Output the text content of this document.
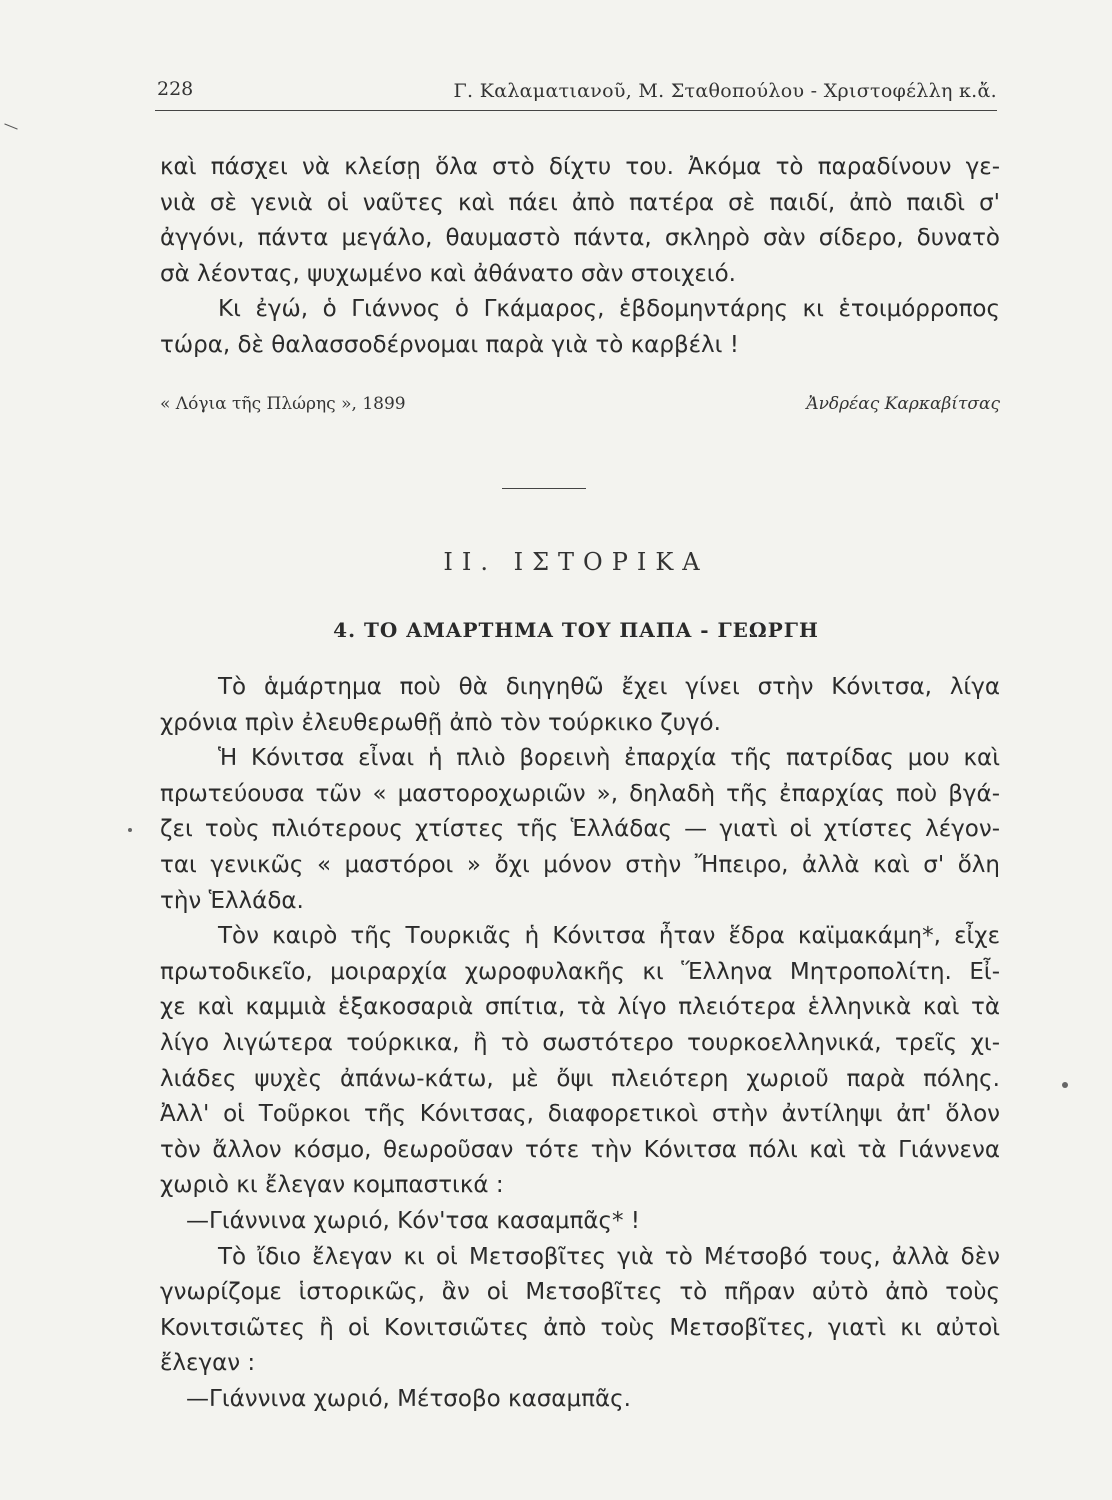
228	Γ. Καλαματιανοῦ, Μ. Σταθοπούλου - Χριστοφέλλη κ.ἄ.

καὶ πάσχει νὰ κλείσῃ ὅλα στὸ δίχτυ του. Ἀκόμα τὸ παραδίνουν γε-

νιὰ σὲ γενιὰ οἱ ναῦτες καὶ πάει ἀπὸ πατέρα σὲ παιδί, ἀπὸ παιδὶ σ'

ἀγγόνι, πάντα μεγάλο, θαυμαστὸ πάντα, σκληρὸ σὰν σίδερο, δυνατὸ

σὰ λέοντας, ψυχωμένο καὶ ἀθάνατο σὰν στοιχειό.

Κι ἐγώ, ὁ Γιάννος ὁ Γκάμαρος, ἑβδομηντάρης κι ἑτοιμόρροπος

τώρα, δὲ θαλασσοδέρνομαι παρὰ γιὰ τὸ καρβέλι !

« Λόγια τῆς Πλώρης », 1899	Ἀνδρέας Καρκαβίτσας
II. ΙΣΤΟΡΙΚΑ
4. ΤΟ ΑΜΑΡΤΗΜΑ ΤΟΥ ΠΑΠΑ - ΓΕΩΡΓΗ

Τὸ ἁμάρτημα ποὺ θὰ διηγηθῶ ἔχει γίνει στὴν Κόνιτσα, λίγα

χρόνια πρὶν ἐλευθερωθῇ ἀπὸ τὸν τούρκικο ζυγό.

Ἡ Κόνιτσα εἶναι ἡ πλιὸ βορεινὴ ἐπαρχία τῆς πατρίδας μου καὶ

πρωτεύουσα τῶν « μαστοροχωριῶν », δηλαδὴ τῆς ἐπαρχίας ποὺ βγά-

ζει τοὺς πλιότερους χτίστες τῆς Ἑλλάδας — γιατὶ οἱ χτίστες λέγον-

ται γενικῶς « μαστόροι » ὄχι μόνον στὴν Ἤπειρο, ἀλλὰ καὶ σ' ὅλη

τὴν Ἑλλάδα.

Τὸν καιρὸ τῆς Τουρκιᾶς ἡ Κόνιτσα ἦταν ἕδρα καϊμακάμη*, εἶχε

πρωτοδικεῖο, μοιραρχία χωροφυλακῆς κι Ἕλληνα Μητροπολίτη. Εἶ-

χε καὶ καμμιὰ ἑξακοσαριὰ σπίτια, τὰ λίγο πλειότερα ἑλληνικὰ καὶ τὰ

λίγο λιγώτερα τούρκικα, ἢ τὸ σωστότερο τουρκοελληνικά, τρεῖς χι-

λιάδες ψυχὲς ἀπάνω-κάτω, μὲ ὄψι πλειότερη χωριοῦ παρὰ πόλης.

Ἀλλ' οἱ Τοῦρκοι τῆς Κόνιτσας, διαφορετικοὶ στὴν ἀντίληψι ἀπ' ὅλον

τὸν ἄλλον κόσμο, θεωροῦσαν τότε τὴν Κόνιτσα πόλι καὶ τὰ Γιάννενα

χωριὸ κι ἔλεγαν κομπαστικά :

—Γιάννινα χωριό, Κόν'τσα κασαμπᾶς* !

Τὸ ἴδιο ἔλεγαν κι οἱ Μετσοβῖτες γιὰ τὸ Μέτσοβό τους, ἀλλὰ δὲν

γνωρίζομε ἱστορικῶς, ἂν οἱ Μετσοβῖτες τὸ πῆραν αὐτὸ ἀπὸ τοὺς

Κονιτσιῶτες ἢ οἱ Κονιτσιῶτες ἀπὸ τοὺς Μετσοβῖτες, γιατὶ κι αὐτοὶ

ἔλεγαν :

—Γιάννινα χωριό, Μέτσοβο κασαμπᾶς.
